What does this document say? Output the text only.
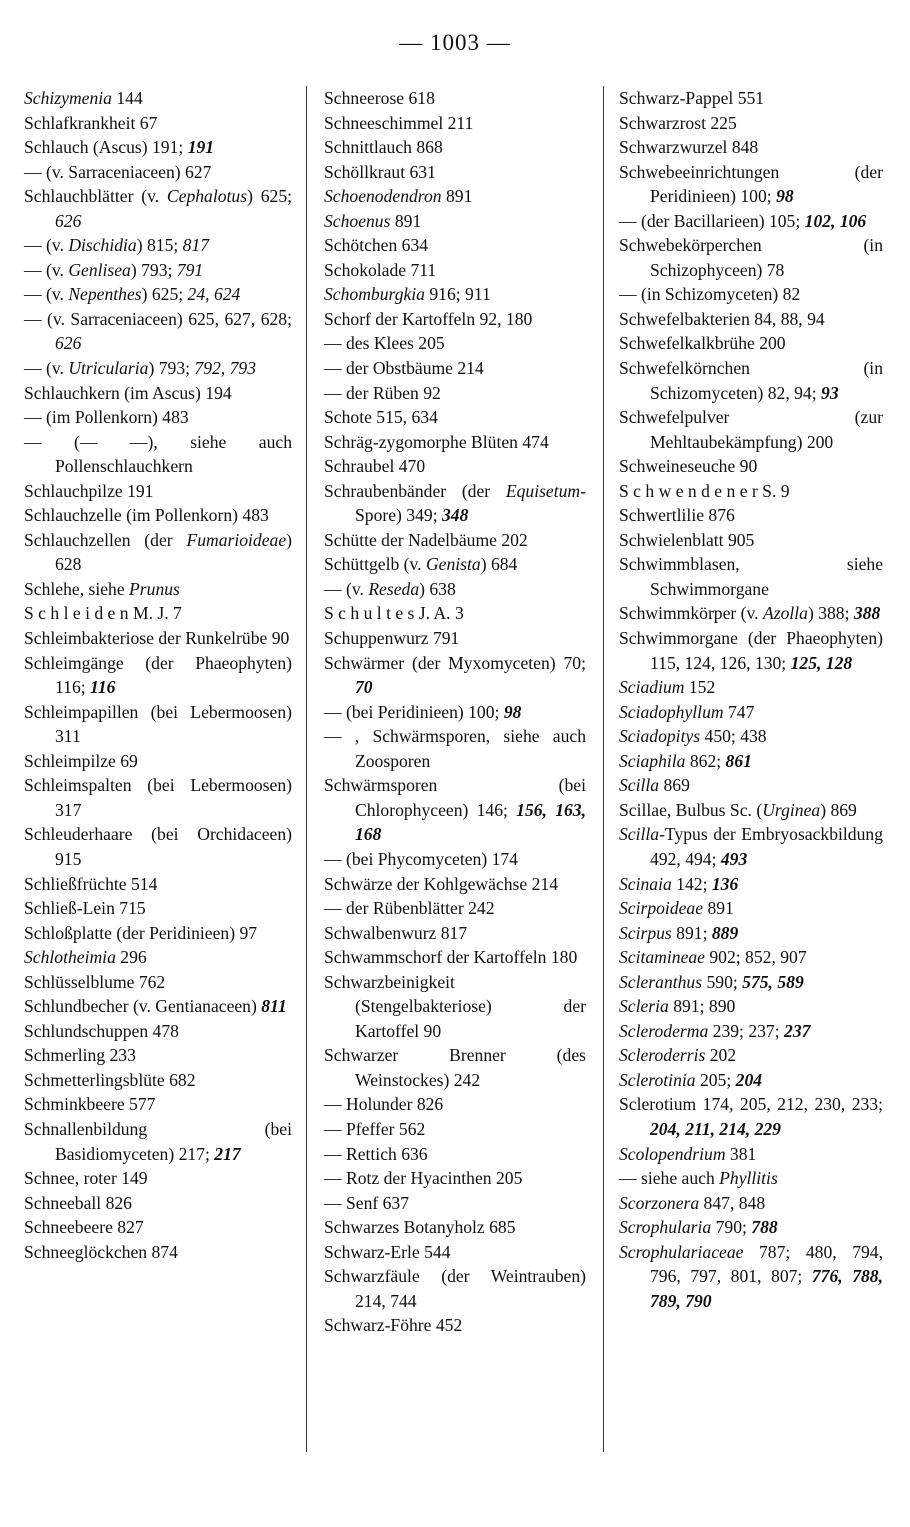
— 1003 —
Schizymenia 144
Schlafkrankheit 67
Schlauch (Ascus) 191; 191
— (v. Sarraceniaceen) 627
Schlauchblätter (v. Cephalotus) 625; 626
— (v. Dischidia) 815; 817
— (v. Genlisea) 793; 791
— (v. Nepenthes) 625; 24, 624
— (v. Sarraceniaceen) 625, 627, 628; 626
— (v. Utricularia) 793; 792, 793
Schlauchkern (im Ascus) 194
— (im Pollenkorn) 483
— (— —), siehe auch Pollenschlauchkern
Schlauchpilze 191
Schlauchzelle (im Pollenkorn) 483
Schlauchzellen (der Fumarioideae) 628
Schlehe, siehe Prunus
S c h l e i d e n M. J. 7
Schleimbakteriose der Runkelrübe 90
Schleimgänge (der Phaeophyten) 116; 116
Schleimpapillen (bei Lebermoosen) 311
Schleimpilze 69
Schleimspalten (bei Lebermoosen) 317
Schleuderhaare (bei Orchidaceen) 915
Schließfrüchte 514
Schließ-Lein 715
Schloßplatte (der Peridinieen) 97
Schlotheimia 296
Schlüsselblume 762
Schlundbecher (v. Gentianaceen) 811
Schlundschuppen 478
Schmerling 233
Schmetterlingsblüte 682
Schminkbeere 577
Schnallenbildung (bei Basidiomyceten) 217; 217
Schnee, roter 149
Schneeball 826
Schneebeere 827
Schneeglöckchen 874
Schneerose 618
Schneeschimmel 211
Schnittlauch 868
Schöllkraut 631
Schoenodendron 891
Schoenus 891
Schötchen 634
Schokolade 711
Schomburgkia 916; 911
Schorf der Kartoffeln 92, 180
— des Klees 205
— der Obstbäume 214
— der Rüben 92
Schote 515, 634
Schräg-zygomorphe Blüten 474
Schraubel 470
Schraubenbänder (der Equisetum-Spore) 349; 348
Schütte der Nadelbäume 202
Schüttgelb (v. Genista) 684
— (v. Reseda) 638
S c h u l t e s J. A. 3
Schuppenwurz 791
Schwärmer (der Myxomyceten) 70; 70
— (bei Peridinieen) 100; 98
— , Schwärmsporen, siehe auch Zoosporen
Schwärmsporen (bei Chlorophyceen) 146; 156, 163, 168
— (bei Phycomyceten) 174
Schwärze der Kohlgewächse 214
— der Rübenblätter 242
Schwalbenwurz 817
Schwammschorf der Kartoffeln 180
Schwarzbeinigkeit (Stengelbakteriose) der Kartoffel 90
Schwarzer Brenner (des Weinstockes) 242
— Holunder 826
— Pfeffer 562
— Rettich 636
— Rotz der Hyacinthen 205
— Senf 637
Schwarzes Botanyholz 685
Schwarz-Erle 544
Schwarzfäule (der Weintrauben) 214, 744
Schwarz-Föhre 452
Schwarz-Pappel 551
Schwarzrost 225
Schwarzwurzel 848
Schwebeeinrichtungen (der Peridinieen) 100; 98
— (der Bacillarieen) 105; 102, 106
Schwebekörperchen (in Schizophyceen) 78
— (in Schizomyceten) 82
Schwefelbakterien 84, 88, 94
Schwefelkalkbrühe 200
Schwefelkörnchen (in Schizomyceten) 82, 94; 93
Schwefelpulver (zur Mehltaubekämpfung) 200
Schweineseuche 90
S c h w e n d e n e r S. 9
Schwertlilie 876
Schwielenblatt 905
Schwimmblasen, siehe Schwimmorgane
Schwimmkörper (v. Azolla) 388; 388
Schwimmorgane (der Phaeophyten) 115, 124, 126, 130; 125, 128
Sciadium 152
Sciadophyllum 747
Sciadopitys 450; 438
Sciaphila 862; 861
Scilla 869
Scillae, Bulbus Sc. (Urginea) 869
Scilla-Typus der Embryosackbildung 492, 494; 493
Scinaia 142; 136
Scirpoideae 891
Scirpus 891; 889
Scitamineae 902; 852, 907
Scleranthus 590; 575, 589
Scleria 891; 890
Scleroderma 239; 237; 237
Scleroderris 202
Sclerotinia 205; 204
Sclerotium 174, 205, 212, 230, 233; 204, 211, 214, 229
Scolopendrium 381
— siehe auch Phyllitis
Scorzonera 847, 848
Scrophularia 790; 788
Scrophulariaceae 787; 480, 794, 796, 797, 801, 807; 776, 788, 789, 790
